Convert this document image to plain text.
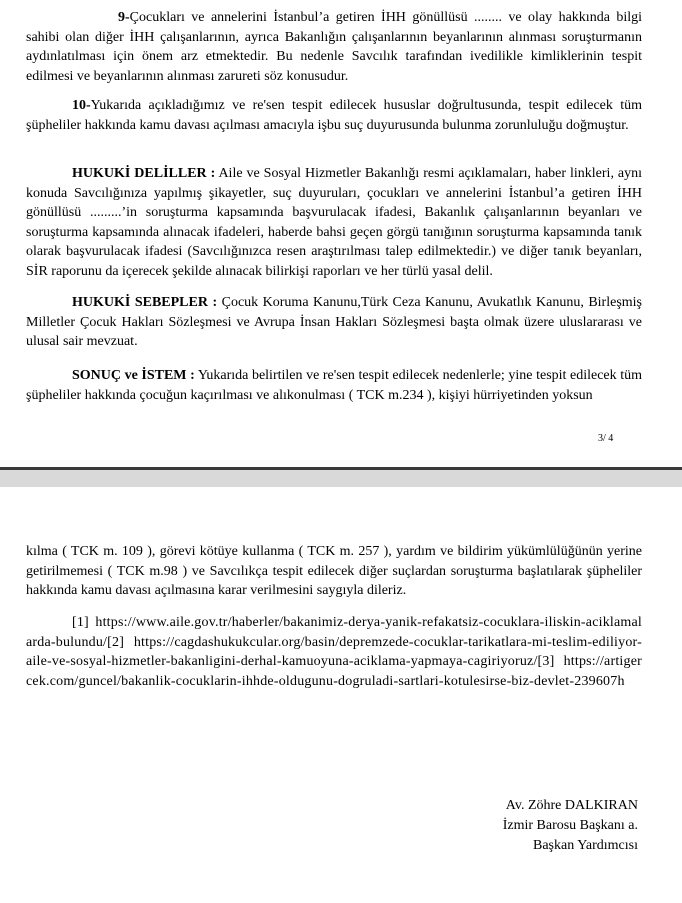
9-Çocukları ve annelerini İstanbul’a getiren İHH gönüllüsü ........ ve olay hakkında bilgi sahibi olan diğer İHH çalışanlarının, ayrıca Bakanlığın çalışanlarının beyanlarının alınması soruşturmanın aydınlatılması için önem arz etmektedir. Bu nedenle Savcılık tarafından ivedilikle kimliklerinin tespit edilmesi ve beyanlarının alınması zarureti söz konusudur.
10-Yukarıda açıkladığımız ve re'sen tespit edilecek hususlar doğrultusunda, tespit edilecek tüm şüpheliler hakkında kamu davası açılması amacıyla işbu suç duyurusunda bulunma zorunluluğu doğmuştur.
HUKUKİ DELİLLER : Aile ve Sosyal Hizmetler Bakanlığı resmi açıklamaları, haber linkleri, aynı konuda Savcılığınıza yapılmış şikayetler, suç duyuruları, çocukları ve annelerini İstanbul’a getiren İHH gönüllüsü .........’in soruşturma kapsamında başvurulacak ifadesi, Bakanlık çalışanlarının beyanları ve soruşturma kapsamında alınacak ifadeleri, haberde bahsi geçen görgü tanığının soruşturma kapsamında tanık olarak başvurulacak ifadesi (Savcılığınızca resen araştırılması talep edilmektedir.) ve diğer tanık beyanları, SİR raporunu da içerecek şekilde alınacak bilirkişi raporları ve her türlü yasal delil.
HUKUKİ SEBEPLER : Çocuk Koruma Kanunu,Türk Ceza Kanunu, Avukatlık Kanunu, Birleşmiş Milletler Çocuk Hakları Sözleşmesi ve Avrupa İnsan Hakları Sözleşmesi başta olmak üzere uluslararası ve ulusal sair mevzuat.
SONUÇ ve İSTEM : Yukarıda belirtilen ve re'sen tespit edilecek nedenlerle; yine tespit edilecek tüm şüpheliler hakkında çocuğun kaçırılması ve alıkonulması ( TCK m.234 ), kişiyi hürriyetinden yoksun
3/ 4
kılma ( TCK m. 109 ), görevi kötüye kullanma ( TCK m. 257 ), yardım ve bildirim yükümlülüğünün yerine getirilmemesi ( TCK m.98 ) ve Savcılıkça tespit edilecek diğer suçlardan soruşturma başlatılarak şüpheliler hakkında kamu davası açılmasına karar verilmesini saygıyla dileriz.
[1] https://www.aile.gov.tr/haberler/bakanimiz-derya-yanik-refakatsiz-cocuklara-iliskin-aciklamalarda-bulundu/[2] https://cagdashukukcular.org/basin/depremzede-cocuklar-tarikatlara-mi-teslim-ediliyor-aile-ve-sosyal-hizmetler-bakanligini-derhal-kamuoyuna-aciklama-yapmaya-cagiriyoruz/[3] https://artigercek.com/guncel/bakanlik-cocuklarin-ihhde-oldugunu-dogruladi-sartlari-kotulesirse-biz-devlet-239607h
Av. Zöhre DALKIRAN
İzmir Barosu Başkanı a.
Başkan Yardımcısı
